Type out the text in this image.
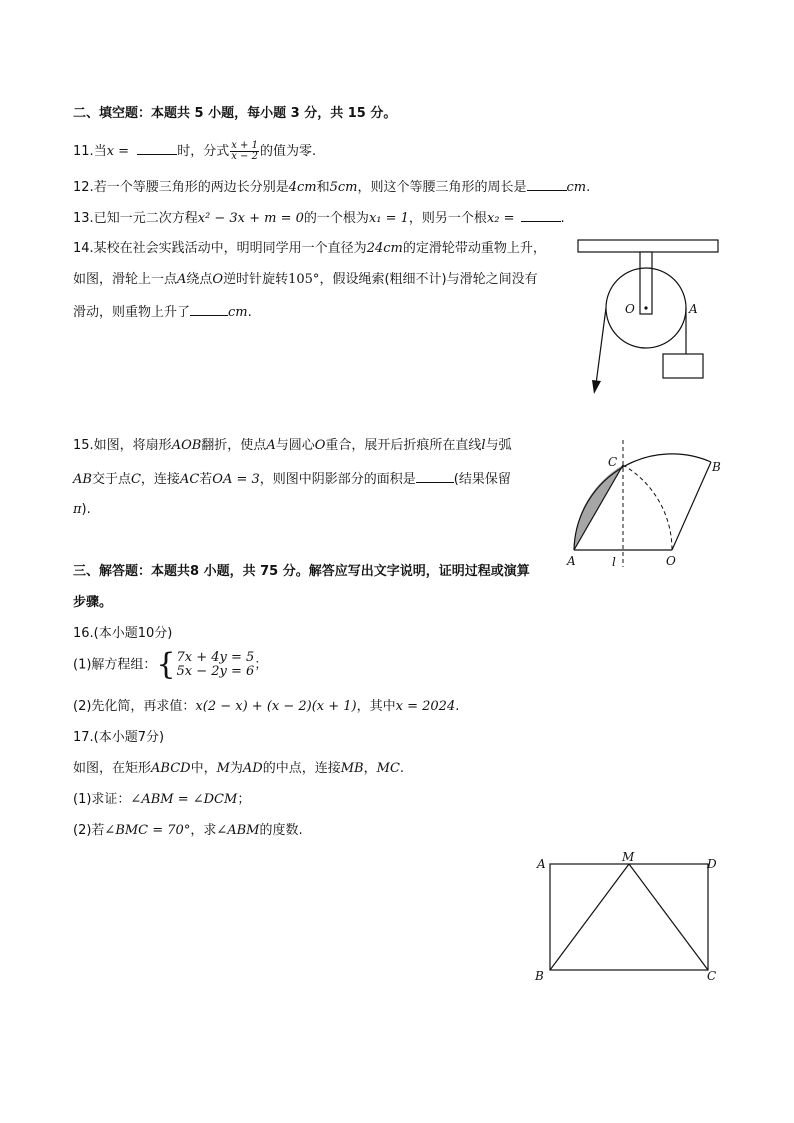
二、填空题：本题共 5 小题，每小题 3 分，共 15 分。
11.当x =	时，分式 $\frac{x + 1}{x - 2}$ 的值为零.
12.若一个等腰三角形的两边长分别是4cm和5cm，则这个等腰三角形的周长是	cm.
13.已知一元二次方程x² − 3x + m = 0的一个根为x₁ = 1，则另一个根x₂ =	.
14.某校在社会实践活动中，明明同学用一个直径为24cm的定滑轮带动重物上升，
如图，滑轮上一点A绕点O逆时针旋转105°，假设绳索(粗细不计)与滑轮之间没有
滑动，则重物上升了	cm.	O	A
15.如图，将扇形AOB翻折，使点A与圆心O重合，展开后折痕所在直线l与弧
AB交于点C，连接AC若OA = 3，则图中阴影部分的面积是	(结果保留
π).
C	B
A	l	O
三、解答题：本题共8 小题，共 75 分。解答应写出文字说明，证明过程或演算
步骤。
16.(本小题10分)
(1)解方程组： { 7x + 4y = 5
5x − 2y = 6 ；
(2)先化简，再求值：x(2 − x) + (x − 2)(x + 1)，其中x = 2024.
17.(本小题7分)
如图，在矩形ABCD中，M为AD的中点，连接MB，MC.
(1)求证：∠ABM = ∠DCM；
(2)若∠BMC = 70°，求∠ABM的度数.
A	M	D
B	C
